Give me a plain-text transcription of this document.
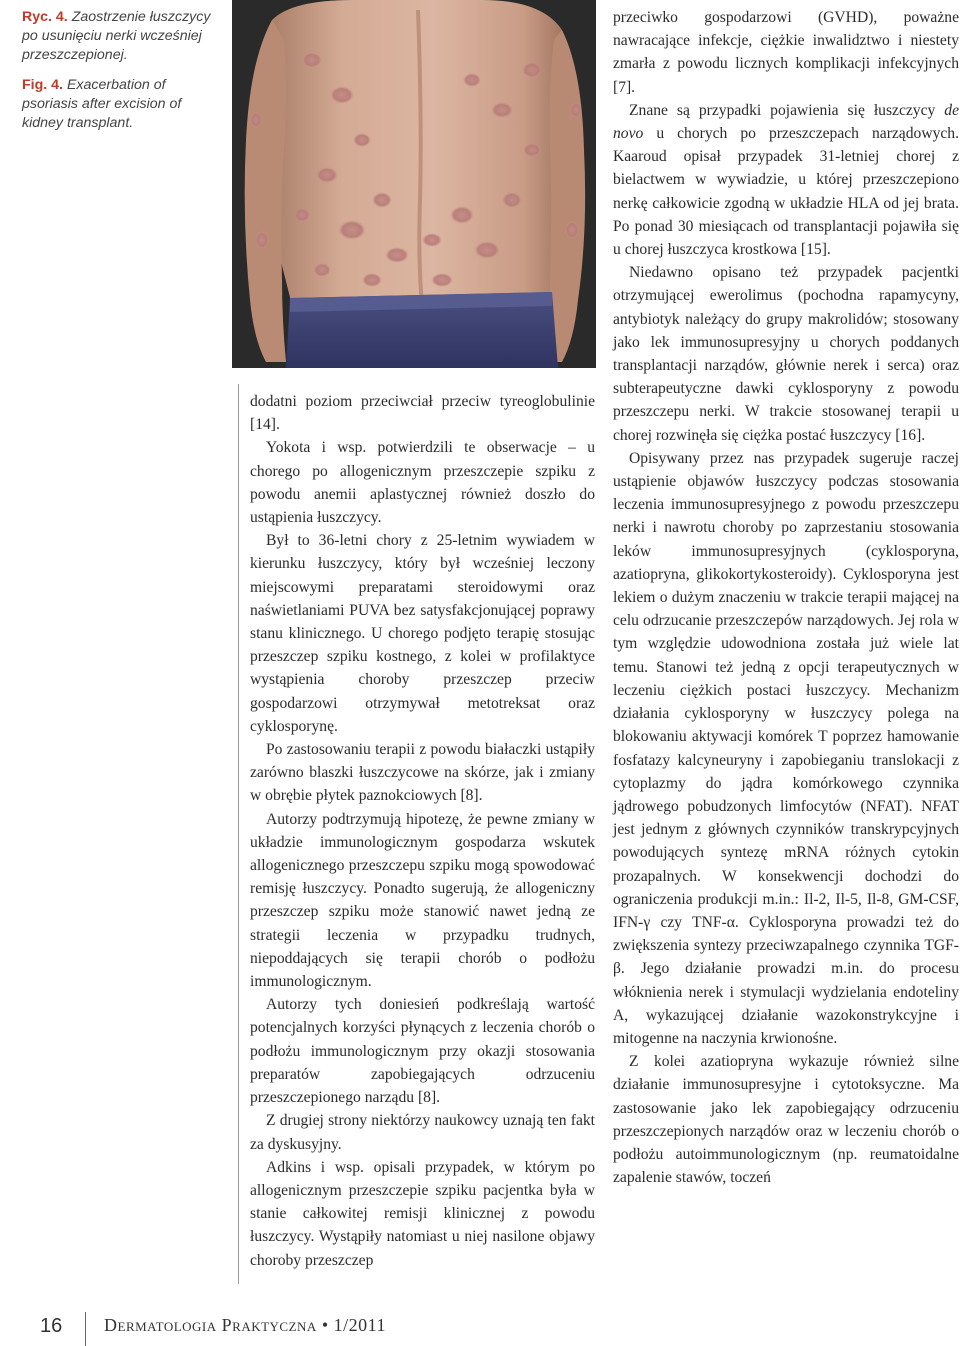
Ryc. 4. Zaostrzenie łuszczycy po usunięciu nerki wcześniej przeszczepionej.

Fig. 4. Exacerbation of psoriasis after excision of kidney transplant.

dodatni poziom przeciwciał przeciw tyreoglobulinie [14].

Yokota i wsp. potwierdzili te obserwacje – u chorego po allogenicznym przeszczepie szpiku z powodu anemii aplastycznej również doszło do ustąpienia łuszczycy.

Był to 36-letni chory z 25-letnim wywiadem w kierunku łuszczycy, który był wcześniej leczony miejscowymi preparatami steroidowymi oraz naświetlaniami PUVA bez satysfakcjonującej poprawy stanu klinicznego. U chorego podjęto terapię stosując przeszczep szpiku kostnego, z kolei w profilaktyce wystąpienia choroby przeszczep przeciw gospodarzowi otrzymywał metotreksat oraz cyklosporynę.

Po zastosowaniu terapii z powodu białaczki ustąpiły zarówno blaszki łuszczycowe na skórze, jak i zmiany w obrębie płytek paznokciowych [8].

Autorzy podtrzymują hipotezę, że pewne zmiany w układzie immunologicznym gospodarza wskutek allogenicznego przeszczepu szpiku mogą spowodować remisję łuszczycy. Ponadto sugerują, że allogeniczny przeszczep szpiku może stanowić nawet jedną ze strategii leczenia w przypadku trudnych, niepoddających się terapii chorób o podłożu immunologicznym.

Autorzy tych doniesień podkreślają wartość potencjalnych korzyści płynących z leczenia chorób o podłożu immunologicznym przy okazji stosowania preparatów zapobiegających odrzuceniu przeszczepionego narządu [8].

Z drugiej strony niektórzy naukowcy uznają ten fakt za dyskusyjny.

Adkins i wsp. opisali przypadek, w którym po allogenicznym przeszczepie szpiku pacjentka była w stanie całkowitej remisji klinicznej z powodu łuszczycy. Wystąpiły natomiast u niej nasilone objawy choroby przeszczep

przeciwko gospodarzowi (GVHD), poważne nawracające infekcje, ciężkie inwalidztwo i niestety zmarła z powodu licznych komplikacji infekcyjnych [7].

Znane są przypadki pojawienia się łuszczycy de novo u chorych po przeszczepach narządowych. Kaaroud opisał przypadek 31-letniej chorej z bielactwem w wywiadzie, u której przeszczepiono nerkę całkowicie zgodną w układzie HLA od jej brata. Po ponad 30 miesiącach od transplantacji pojawiła się u chorej łuszczyca krostkowa [15].

Niedawno opisano też przypadek pacjentki otrzymującej ewerolimus (pochodna rapamycyny, antybiotyk należący do grupy makrolidów; stosowany jako lek immunosupresyjny u chorych poddanych transplantacji narządów, głównie nerek i serca) oraz subterapeutyczne dawki cyklosporyny z powodu przeszczepu nerki. W trakcie stosowanej terapii u chorej rozwinęła się ciężka postać łuszczycy [16].

Opisywany przez nas przypadek sugeruje raczej ustąpienie objawów łuszczycy podczas stosowania leczenia immunosupresyjnego z powodu przeszczepu nerki i nawrotu choroby po zaprzestaniu stosowania leków immunosupresyjnych (cyklosporyna, azatiopryna, glikokortykosteroidy). Cyklosporyna jest lekiem o dużym znaczeniu w trakcie terapii mającej na celu odrzucanie przeszczepów narządowych. Jej rola w tym względzie udowodniona została już wiele lat temu. Stanowi też jedną z opcji terapeutycznych w leczeniu ciężkich postaci łuszczycy. Mechanizm działania cyklosporyny w łuszczycy polega na blokowaniu aktywacji komórek T poprzez hamowanie fosfatazy kalcyneuryny i zapobieganiu translokacji z cytoplazmy do jądra komórkowego czynnika jądrowego pobudzonych limfocytów (NFAT). NFAT jest jednym z głównych czynników transkrypcyjnych powodujących syntezę mRNA różnych cytokin prozapalnych. W konsekwencji dochodzi do ograniczenia produkcji m.in.: Il-2, Il-5, Il-8, GM-CSF, IFN-γ czy TNF-α. Cyklosporyna prowadzi też do zwiększenia syntezy przeciwzapalnego czynnika TGF-β. Jego działanie prowadzi m.in. do procesu włóknienia nerek i stymulacji wydzielania endoteliny A, wykazującej działanie wazokonstrykcyjne i mitogenne na naczynia krwionośne.

Z kolei azatiopryna wykazuje również silne działanie immunosupresyjne i cytotoksyczne. Ma zastosowanie jako lek zapobiegający odrzuceniu przeszczepionych narządów oraz w leczeniu chorób o podłożu autoimmunologicznym (np. reumatoidalne zapalenie stawów, toczeń

16 Dermatologia Praktyczna • 1/2011
